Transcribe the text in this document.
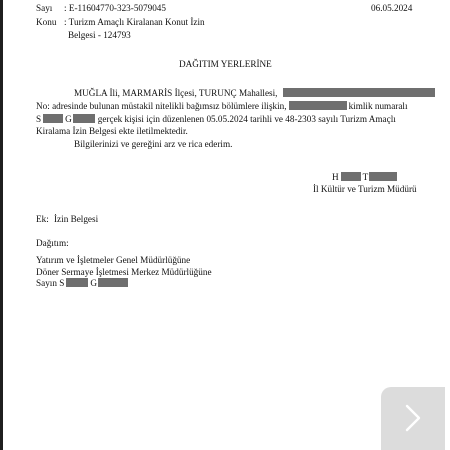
Sayı : E-11604770-323-5079045	06.05.2024
Konu : Turizm Amaçlı Kiralanan Konut İzin
Belgesi - 124793
DAĞITIM YERLERİNE
MUĞLA İli, MARMARİS İlçesi, TURUNÇ Mahallesi,
No: adresinde bulunan müstakil nitelikli bağımsız bölümlere ilişkin,	kimlik numaralı
S	G	gerçek kişisi için düzenlenen 05.05.2024 tarihli ve 48-2303 sayılı Turizm Amaçlı
Kiralama İzin Belgesi ekte iletilmektedir.
Bilgilerinizi ve gereğini arz ve rica ederim.
H	T
İl Kültür ve Turizm Müdürü
Ek: İzin Belgesi
Dağıtım:
Yatırım ve İşletmeler Genel Müdürlüğüne
Döner Sermaye İşletmesi Merkez Müdürlüğüne
Sayın S	G
